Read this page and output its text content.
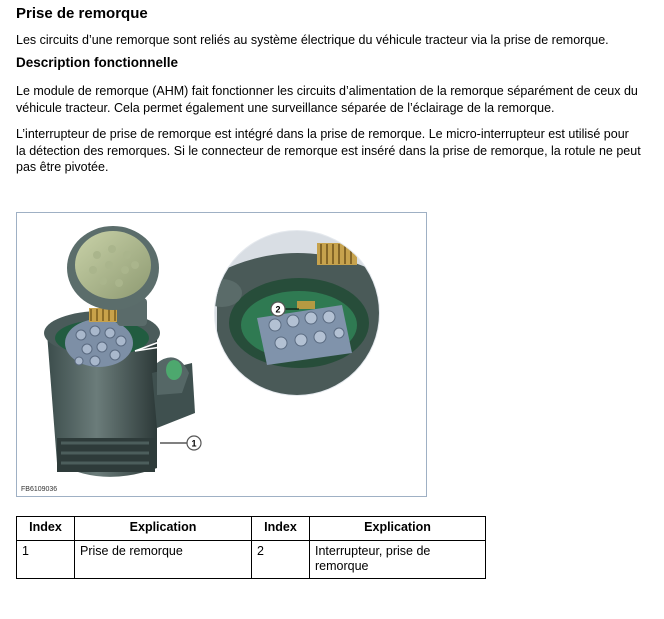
Prise de remorque

Les circuits d’une remorque sont reliés au système électrique du véhicule tracteur via la prise de remorque.

Description fonctionnelle

Le module de remorque (AHM) fait fonctionner les circuits d’alimentation de la remorque séparément de ceux du
véhicule tracteur. Cela permet également une surveillance séparée de l’éclairage de la remorque.

L’interrupteur de prise de remorque est intégré dans la prise de remorque. Le micro-interrupteur est utilisé pour
la détection des remorques. Si le connecteur de remorque est inséré dans la prise de remorque, la rotule ne peut
pas être pivotée.

1
2
FB6109036
Index	Explication	Index	Explication
1	Prise de remorque	2	Interrupteur, prise de
remorque
